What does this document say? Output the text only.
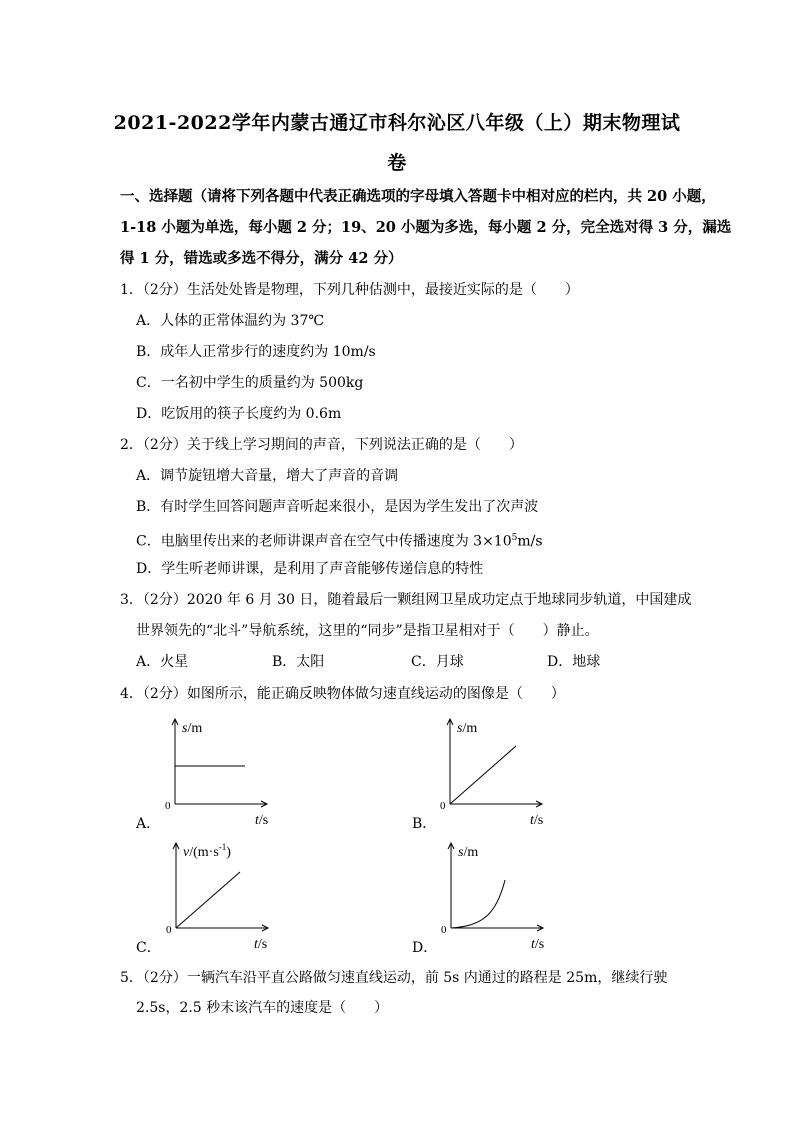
2021-2022学年内蒙古通辽市科尔沁区八年级（上）期末物理试
卷
一、选择题（请将下列各题中代表正确选项的字母填入答题卡中相对应的栏内，共 20 小题，
1-18 小题为单选，每小题 2 分；19、20 小题为多选，每小题 2 分，完全选对得 3 分，漏选
得 1 分，错选或多选不得分，满分 42 分）
1．（2分）生活处处皆是物理，下列几种估测中，最接近实际的是（　　）
A．人体的正常体温约为 37℃
B．成年人正常步行的速度约为 10m/s
C．一名初中学生的质量约为 500kg
D．吃饭用的筷子长度约为 0.6m
2．（2分）关于线上学习期间的声音，下列说法正确的是（　　）
A．调节旋钮增大音量，增大了声音的音调
B．有时学生回答问题声音听起来很小，是因为学生发出了次声波
C．电脑里传出来的老师讲课声音在空气中传播速度为 $3\times 10^5m/s$
D．学生听老师讲课，是利用了声音能够传递信息的特性
3．（2分）2020 年 6 月 30 日，随着最后一颗组网卫星成功定点于地球同步轨道，中国建成
世界领先的“北斗”导航系统，这里的“同步”是指卫星相对于（　　）静止。
A．火星	B．太阳	C．月球	D．地球
4．（2分）如图所示，能正确反映物体做匀速直线运动的图像是（　　）
A．
0
s/m
t/s	B．
0
s/m
t/s
C．
0
$v/(m\cdot s^{-1})$
t/s	D．
0
s/m
t/s
5．（2分）一辆汽车沿平直公路做匀速直线运动，前 5s 内通过的路程是 25m，继续行驶
2.5s，2.5 秒末该汽车的速度是（　　）
